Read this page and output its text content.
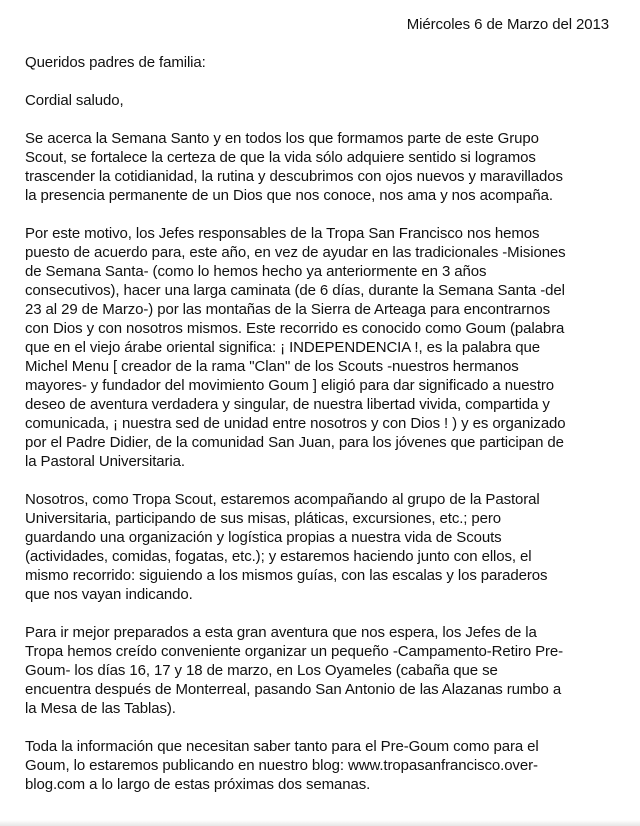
Miércoles 6 de Marzo del 2013

Queridos padres de familia:

Cordial saludo,

Se acerca la Semana Santo y en todos los que formamos parte de este Grupo
Scout, se fortalece la certeza de que la vida sólo adquiere sentido si logramos
trascender la cotidianidad, la rutina y descubrimos con ojos nuevos y maravillados
la presencia permanente de un Dios que nos conoce, nos ama y nos acompaña.

Por este motivo, los Jefes responsables de la Tropa San Francisco nos hemos
puesto de acuerdo para, este año, en vez de ayudar en las tradicionales -Misiones
de Semana Santa- (como lo hemos hecho ya anteriormente en 3 años
consecutivos), hacer una larga caminata (de 6 días, durante la Semana Santa -del
23 al 29 de Marzo-) por las montañas de la Sierra de Arteaga para encontrarnos
con Dios y con nosotros mismos. Este recorrido es conocido como Goum (palabra
que en el viejo árabe oriental significa: ¡ INDEPENDENCIA !, es la palabra que
Michel Menu [ creador de la rama "Clan" de los Scouts -nuestros hermanos
mayores- y fundador del movimiento Goum ] eligió para dar significado a nuestro
deseo de aventura verdadera y singular, de nuestra libertad vivida, compartida y
comunicada, ¡ nuestra sed de unidad entre nosotros y con Dios ! ) y es organizado
por el Padre Didier, de la comunidad San Juan, para los jóvenes que participan de
la Pastoral Universitaria.

Nosotros, como Tropa Scout, estaremos acompañando al grupo de la Pastoral
Universitaria, participando de sus misas, pláticas, excursiones, etc.; pero
guardando una organización y logística propias a nuestra vida de Scouts
(actividades, comidas, fogatas, etc.); y estaremos haciendo junto con ellos, el
mismo recorrido: siguiendo a los mismos guías, con las escalas y los paraderos
que nos vayan indicando.

Para ir mejor preparados a esta gran aventura que nos espera, los Jefes de la
Tropa hemos creído conveniente organizar un pequeño -Campamento-Retiro Pre-
Goum- los días 16, 17 y 18 de marzo, en Los Oyameles (cabaña que se
encuentra después de Monterreal, pasando San Antonio de las Alazanas rumbo a
la Mesa de las Tablas).

Toda la información que necesitan saber tanto para el Pre-Goum como para el
Goum, lo estaremos publicando en nuestro blog: www.tropasanfrancisco.over-
blog.com a lo largo de estas próximas dos semanas.
